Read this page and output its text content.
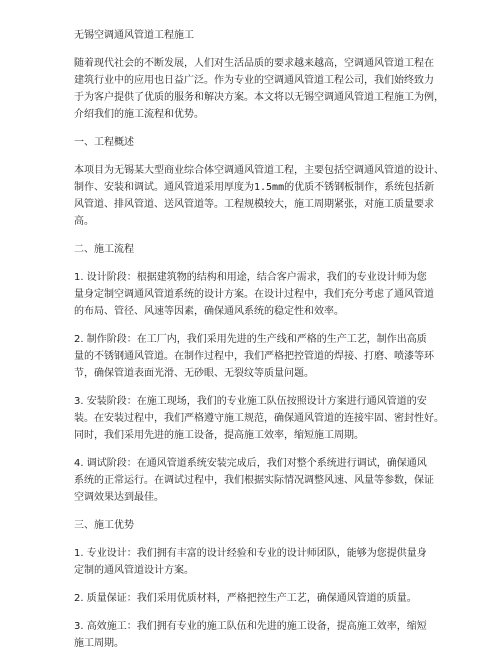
无锡空调通风管道工程施工
随着现代社会的不断发展，人们对生活品质的要求越来越高，空调通风管道工程在
建筑行业中的应用也日益广泛。作为专业的空调通风管道工程公司，我们始终致力
于为客户提供了优质的服务和解决方案。本文将以无锡空调通风管道工程施工为例，
介绍我们的施工流程和优势。
一、工程概述
本项目为无锡某大型商业综合体空调通风管道工程，主要包括空调通风管道的设计、
制作、安装和调试。通风管道采用厚度为1.5mm的优质不锈钢板制作，系统包括新
风管道、排风管道、送风管道等。工程规模较大，施工周期紧张，对施工质量要求
高。
二、施工流程
1. 设计阶段：根据建筑物的结构和用途，结合客户需求，我们的专业设计师为您
量身定制空调通风管道系统的设计方案。在设计过程中，我们充分考虑了通风管道
的布局、管径、风速等因素，确保通风系统的稳定性和效率。
2. 制作阶段：在工厂内，我们采用先进的生产线和严格的生产工艺，制作出高质
量的不锈钢通风管道。在制作过程中，我们严格把控管道的焊接、打磨、喷漆等环
节，确保管道表面光滑、无砂眼、无裂纹等质量问题。
3. 安装阶段：在施工现场，我们的专业施工队伍按照设计方案进行通风管道的安
装。在安装过程中，我们严格遵守施工规范，确保通风管道的连接牢固、密封性好。
同时，我们采用先进的施工设备，提高施工效率，缩短施工周期。
4. 调试阶段：在通风管道系统安装完成后，我们对整个系统进行调试，确保通风
系统的正常运行。在调试过程中，我们根据实际情况调整风速、风量等参数，保证
空调效果达到最佳。
三、施工优势
1. 专业设计：我们拥有丰富的设计经验和专业的设计师团队，能够为您提供量身
定制的通风管道设计方案。
2. 质量保证：我们采用优质材料，严格把控生产工艺，确保通风管道的质量。
3. 高效施工：我们拥有专业的施工队伍和先进的施工设备，提高施工效率，缩短
施工周期。
